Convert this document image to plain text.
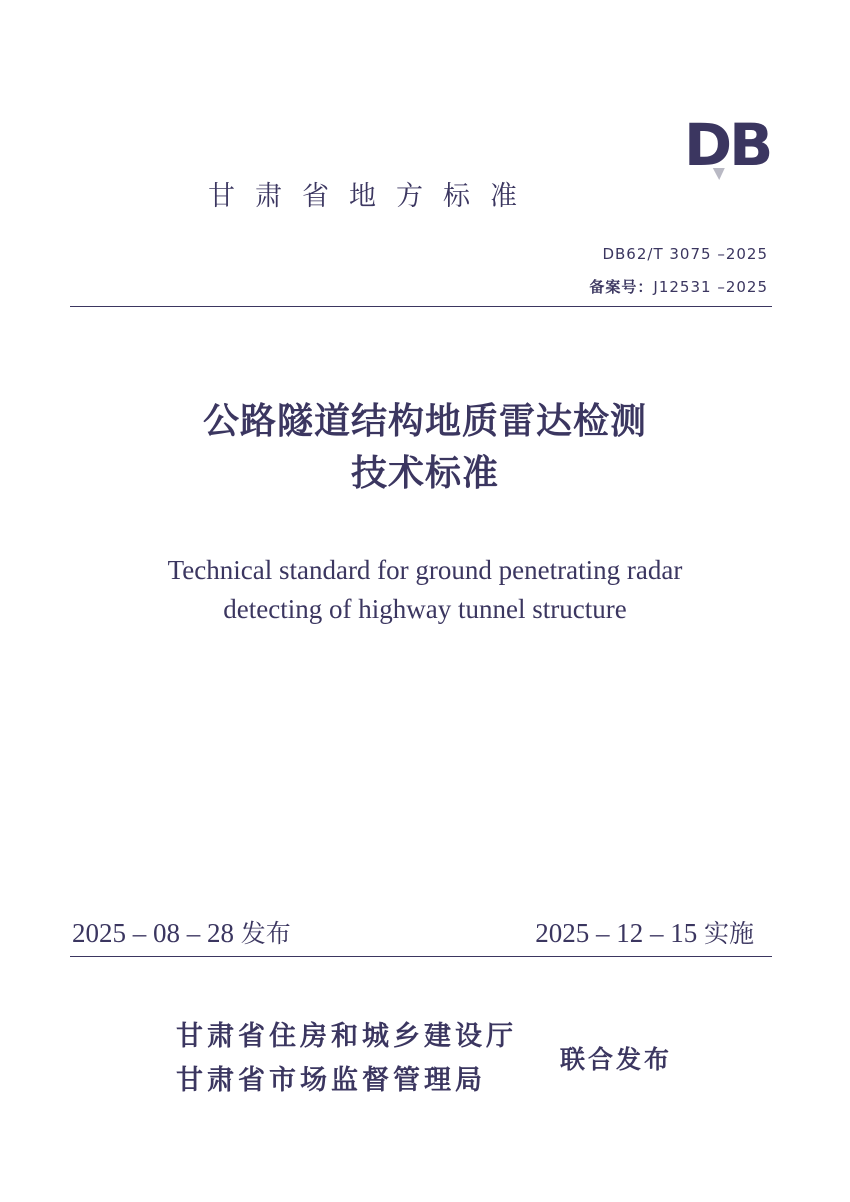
DB
甘肃省地方标准
DB62/T 3075 –2025
备案号：J12531 –2025
公路隧道结构地质雷达检测
技术标准
Technical standard for ground penetrating radar
detecting of highway tunnel structure
2025 – 08 – 28 发布	2025 – 12 – 15 实施
甘肃省住房和城乡建设厅
甘肃省市场监督管理局
联合发布
